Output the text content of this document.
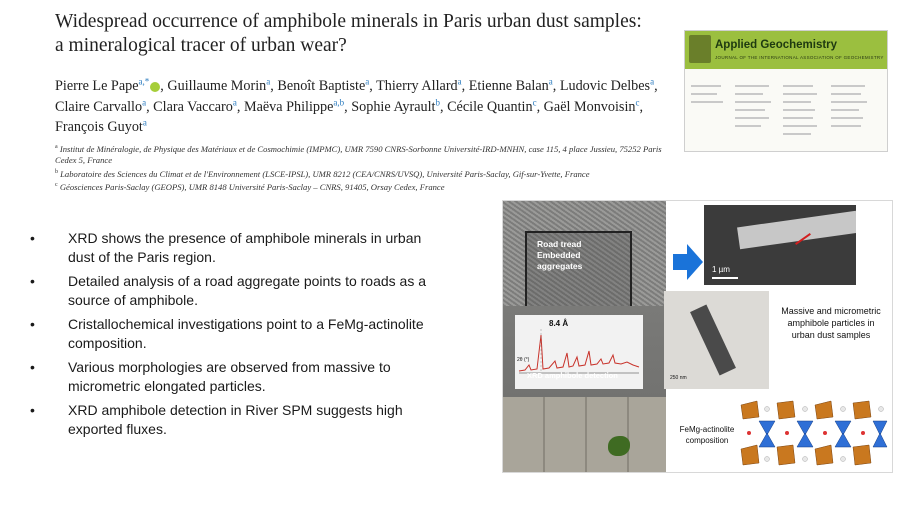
Widespread occurrence of amphibole minerals in Paris urban dust samples:
a mineralogical tracer of urban wear?
Pierre Le Pape$^{a,*}$ , Guillaume Morin$^a$, Benoît Baptiste$^a$, Thierry Allard$^a$, Etienne Balan$^a$, Ludovic Delbes$^a$, Claire Carvallo$^a$, Clara Vaccaro$^a$, Maëva Philippe$^{a,b}$, Sophie Ayrault$^b$, Cécile Quantin$^c$, Gaël Monvoisin$^c$, François Guyot$^a$
$^a$ Institut de Minéralogie, de Physique des Matériaux et de Cosmochimie (IMPMC), UMR 7590 CNRS-Sorbonne Université-IRD-MNHN, case 115, 4 place Jussieu, 75252 Paris Cedex 5, France
$^b$ Laboratoire des Sciences du Climat et de l'Environnement (LSCE-IPSL), UMR 8212 (CEA/CNRS/UVSQ), Université Paris-Saclay, Gif-sur-Yvette, France
$^c$ Géosciences Paris-Saclay (GEOPS), UMR 8148 Université Paris-Saclay – CNRS, 91405, Orsay Cedex, France
Applied Geochemistry
JOURNAL OF THE INTERNATIONAL ASSOCIATION OF GEOCHEMISTRY
• XRD shows the presence of amphibole minerals in urban dust of the Paris region.
• Detailed analysis of a road aggregate points to roads as a source of amphibole.
• Cristallochemical investigations point to a FeMg-actinolite composition.
• Various morphologies are observed from massive to micrometric elongated particles.
• XRD amphibole detection in River SPM suggests high exported fluxes.
Road tread
Embedded
aggregates
8.4 Å
2θ (°)
XRD amphibole detection
1 µm
250 nm
Massive and micrometric amphibole particles in urban dust samples
FeMg-actinolite composition
